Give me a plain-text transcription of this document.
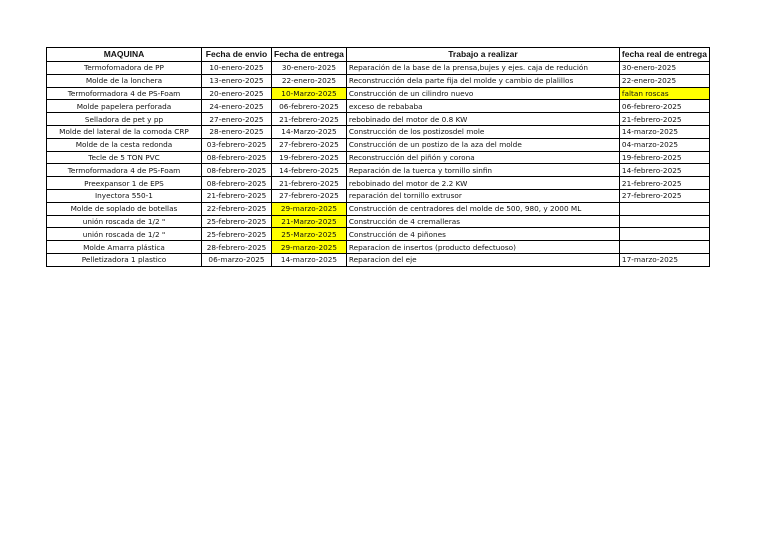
MAQUINA	Fecha de envio	Fecha de entrega	Trabajo a realizar	fecha real de entrega
Termofomadora de PP	10-enero-2025	30-enero-2025	Reparación de la base de la prensa,bujes y ejes. caja de redución	30-enero-2025
Molde de la lonchera	13-enero-2025	22-enero-2025	Reconstrucción dela parte fija del molde y cambio de plalillos	22-enero-2025
Termoformadora 4 de PS-Foam	20-enero-2025	10-Marzo-2025	Construcción de un cilindro nuevo	faltan roscas
Molde papelera perforada	24-enero-2025	06-febrero-2025	exceso de rebababa	06-febrero-2025
Selladora de pet y pp	27-enero-2025	21-febrero-2025	rebobinado del motor de 0.8 KW	21-febrero-2025
Molde del lateral de la comoda CRP	28-enero-2025	14-Marzo-2025	Construcción de los postizosdel mole	14-marzo-2025
Molde de la cesta redonda	03-febrero-2025	27-febrero-2025	Construcción de un postizo de la aza del molde	04-marzo-2025
Tecle de 5 TON PVC	08-febrero-2025	19-febrero-2025	Reconstrucción del piñón y corona	19-febrero-2025
Termoformadora 4 de PS-Foam	08-febrero-2025	14-febrero-2025	Reparación de la tuerca y tornillo sinfin	14-febrero-2025
Preexpansor 1 de EPS	08-febrero-2025	21-febrero-2025	rebobinado del motor de 2.2 KW	21-febrero-2025
Inyectora 550-1	21-febrero-2025	27-febrero-2025	reparación del tornillo extrusor	27-febrero-2025
Molde de soplado de botellas	22-febrero-2025	29-marzo-2025	Construcción de centradores del molde de 500, 980, y 2000 ML	
unión roscada de 1/2 "	25-febrero-2025	21-Marzo-2025	Construcción de 4 cremalleras	
unión roscada de 1/2 "	25-febrero-2025	25-Marzo-2025	Construcción de 4 piñones	
Molde Amarra plástica	28-febrero-2025	29-marzo-2025	Reparacion de insertos (producto defectuoso)	
Pelletizadora 1 plastico	06-marzo-2025	14-marzo-2025	Reparacion del eje	17-marzo-2025
